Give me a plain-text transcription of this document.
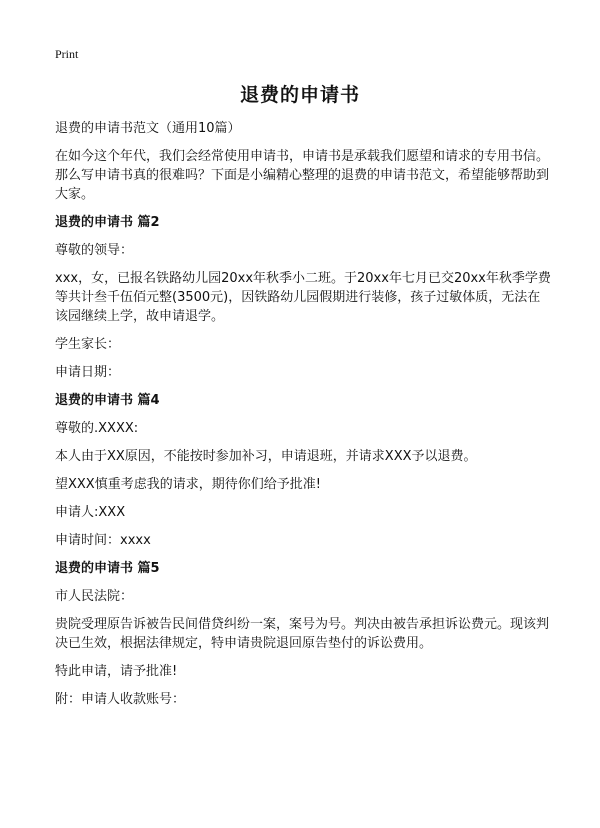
Print
退费的申请书

退费的申请书范文（通用10篇）

在如今这个年代，我们会经常使用申请书，申请书是承载我们愿望和请求的专用书信。那么写申请书真的很难吗？下面是小编精心整理的退费的申请书范文，希望能够帮助到大家。

退费的申请书 篇2

尊敬的领导：

xxx，女，已报名铁路幼儿园20xx年秋季小二班。于20xx年七月已交20xx年秋季学费等共计叁千伍佰元整(3500元)，因铁路幼儿园假期进行装修，孩子过敏体质，无法在该园继续上学，故申请退学。

学生家长：

申请日期：

退费的申请书 篇4

尊敬的.XXXX:

本人由于XX原因，不能按时参加补习，申请退班，并请求XXX予以退费。

望XXX慎重考虑我的请求，期待你们给予批准!

申请人:XXX

申请时间：xxxx

退费的申请书 篇5

市人民法院：

贵院受理原告诉被告民间借贷纠纷一案，案号为号。判决由被告承担诉讼费元。现该判决已生效，根据法律规定，特申请贵院退回原告垫付的诉讼费用。

特此申请，请予批准!

附：申请人收款账号：
